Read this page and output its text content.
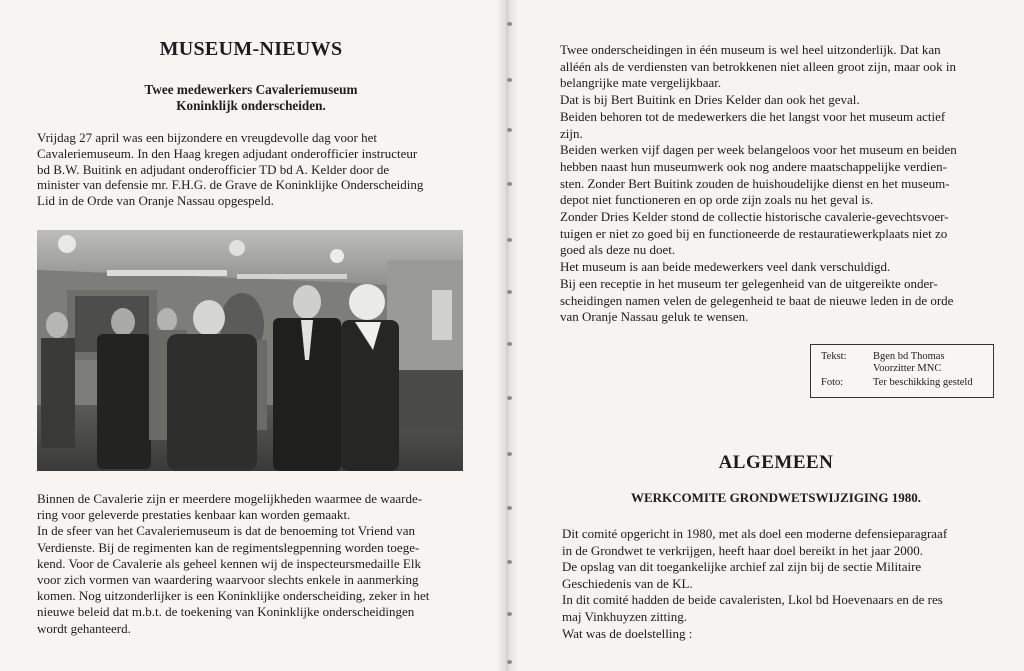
MUSEUM-NIEUWS
Twee medewerkers Cavaleriemuseum
Koninklijk onderscheiden.
Vrijdag 27 april was een bijzondere en vreugdevolle dag voor het
Cavaleriemuseum. In den Haag kregen adjudant onderofficier instructeur
bd B.W. Buitink en adjudant onderofficier TD bd A. Kelder door de
minister van defensie mr. F.H.G. de Grave de Koninklijke Onderscheiding
Lid in de Orde van Oranje Nassau opgespeld.
Binnen de Cavalerie zijn er meerdere mogelijkheden waarmee de waarde-
ring voor geleverde prestaties kenbaar kan worden gemaakt.
In de sfeer van het Cavaleriemuseum is dat de benoeming tot Vriend van
Verdienste. Bij de regimenten kan de regimentslegpenning worden toege-
kend. Voor de Cavalerie als geheel kennen wij de inspecteursmedaille Elk
voor zich vormen van waardering waarvoor slechts enkele in aanmerking
komen. Nog uitzonderlijker is een Koninklijke onderscheiding, zeker in het
nieuwe beleid dat m.b.t. de toekening van Koninklijke onderscheidingen
wordt gehanteerd.
Twee onderscheidingen in één museum is wel heel uitzonderlijk. Dat kan
alléén als de verdiensten van betrokkenen niet alleen groot zijn, maar ook in
belangrijke mate vergelijkbaar.
Dat is bij Bert Buitink en Dries Kelder dan ook het geval.
Beiden behoren tot de medewerkers die het langst voor het museum actief
zijn.
Beiden werken vijf dagen per week belangeloos voor het museum en beiden
hebben naast hun museumwerk ook nog andere maatschappelijke verdien-
sten. Zonder Bert Buitink zouden de huishoudelijke dienst en het museum-
depot niet functioneren en op orde zijn zoals nu het geval is.
Zonder Dries Kelder stond de collectie historische cavalerie-gevechtsvoer-
tuigen er niet zo goed bij en functioneerde de restauratiewerkplaats niet zo
goed als deze nu doet.
Het museum is aan beide medewerkers veel dank verschuldigd.
Bij een receptie in het museum ter gelegenheid van de uitgereikte onder-
scheidingen namen velen de gelegenheid te baat de nieuwe leden in de orde
van Oranje Nassau geluk te wensen.
Tekst:	Bgen bd Thomas
Voorzitter MNC
Foto:	Ter beschikking gesteld
ALGEMEEN
WERKCOMITE GRONDWETSWIJZIGING 1980.
Dit comité opgericht in 1980, met als doel een moderne defensieparagraaf
in de Grondwet te verkrijgen, heeft haar doel bereikt in het jaar 2000.
De opslag van dit toegankelijke archief zal zijn bij de sectie Militaire
Geschiedenis van de KL.
In dit comité hadden de beide cavaleristen, Lkol bd Hoevenaars en de res
maj Vinkhuyzen zitting.
Wat was de doelstelling :
